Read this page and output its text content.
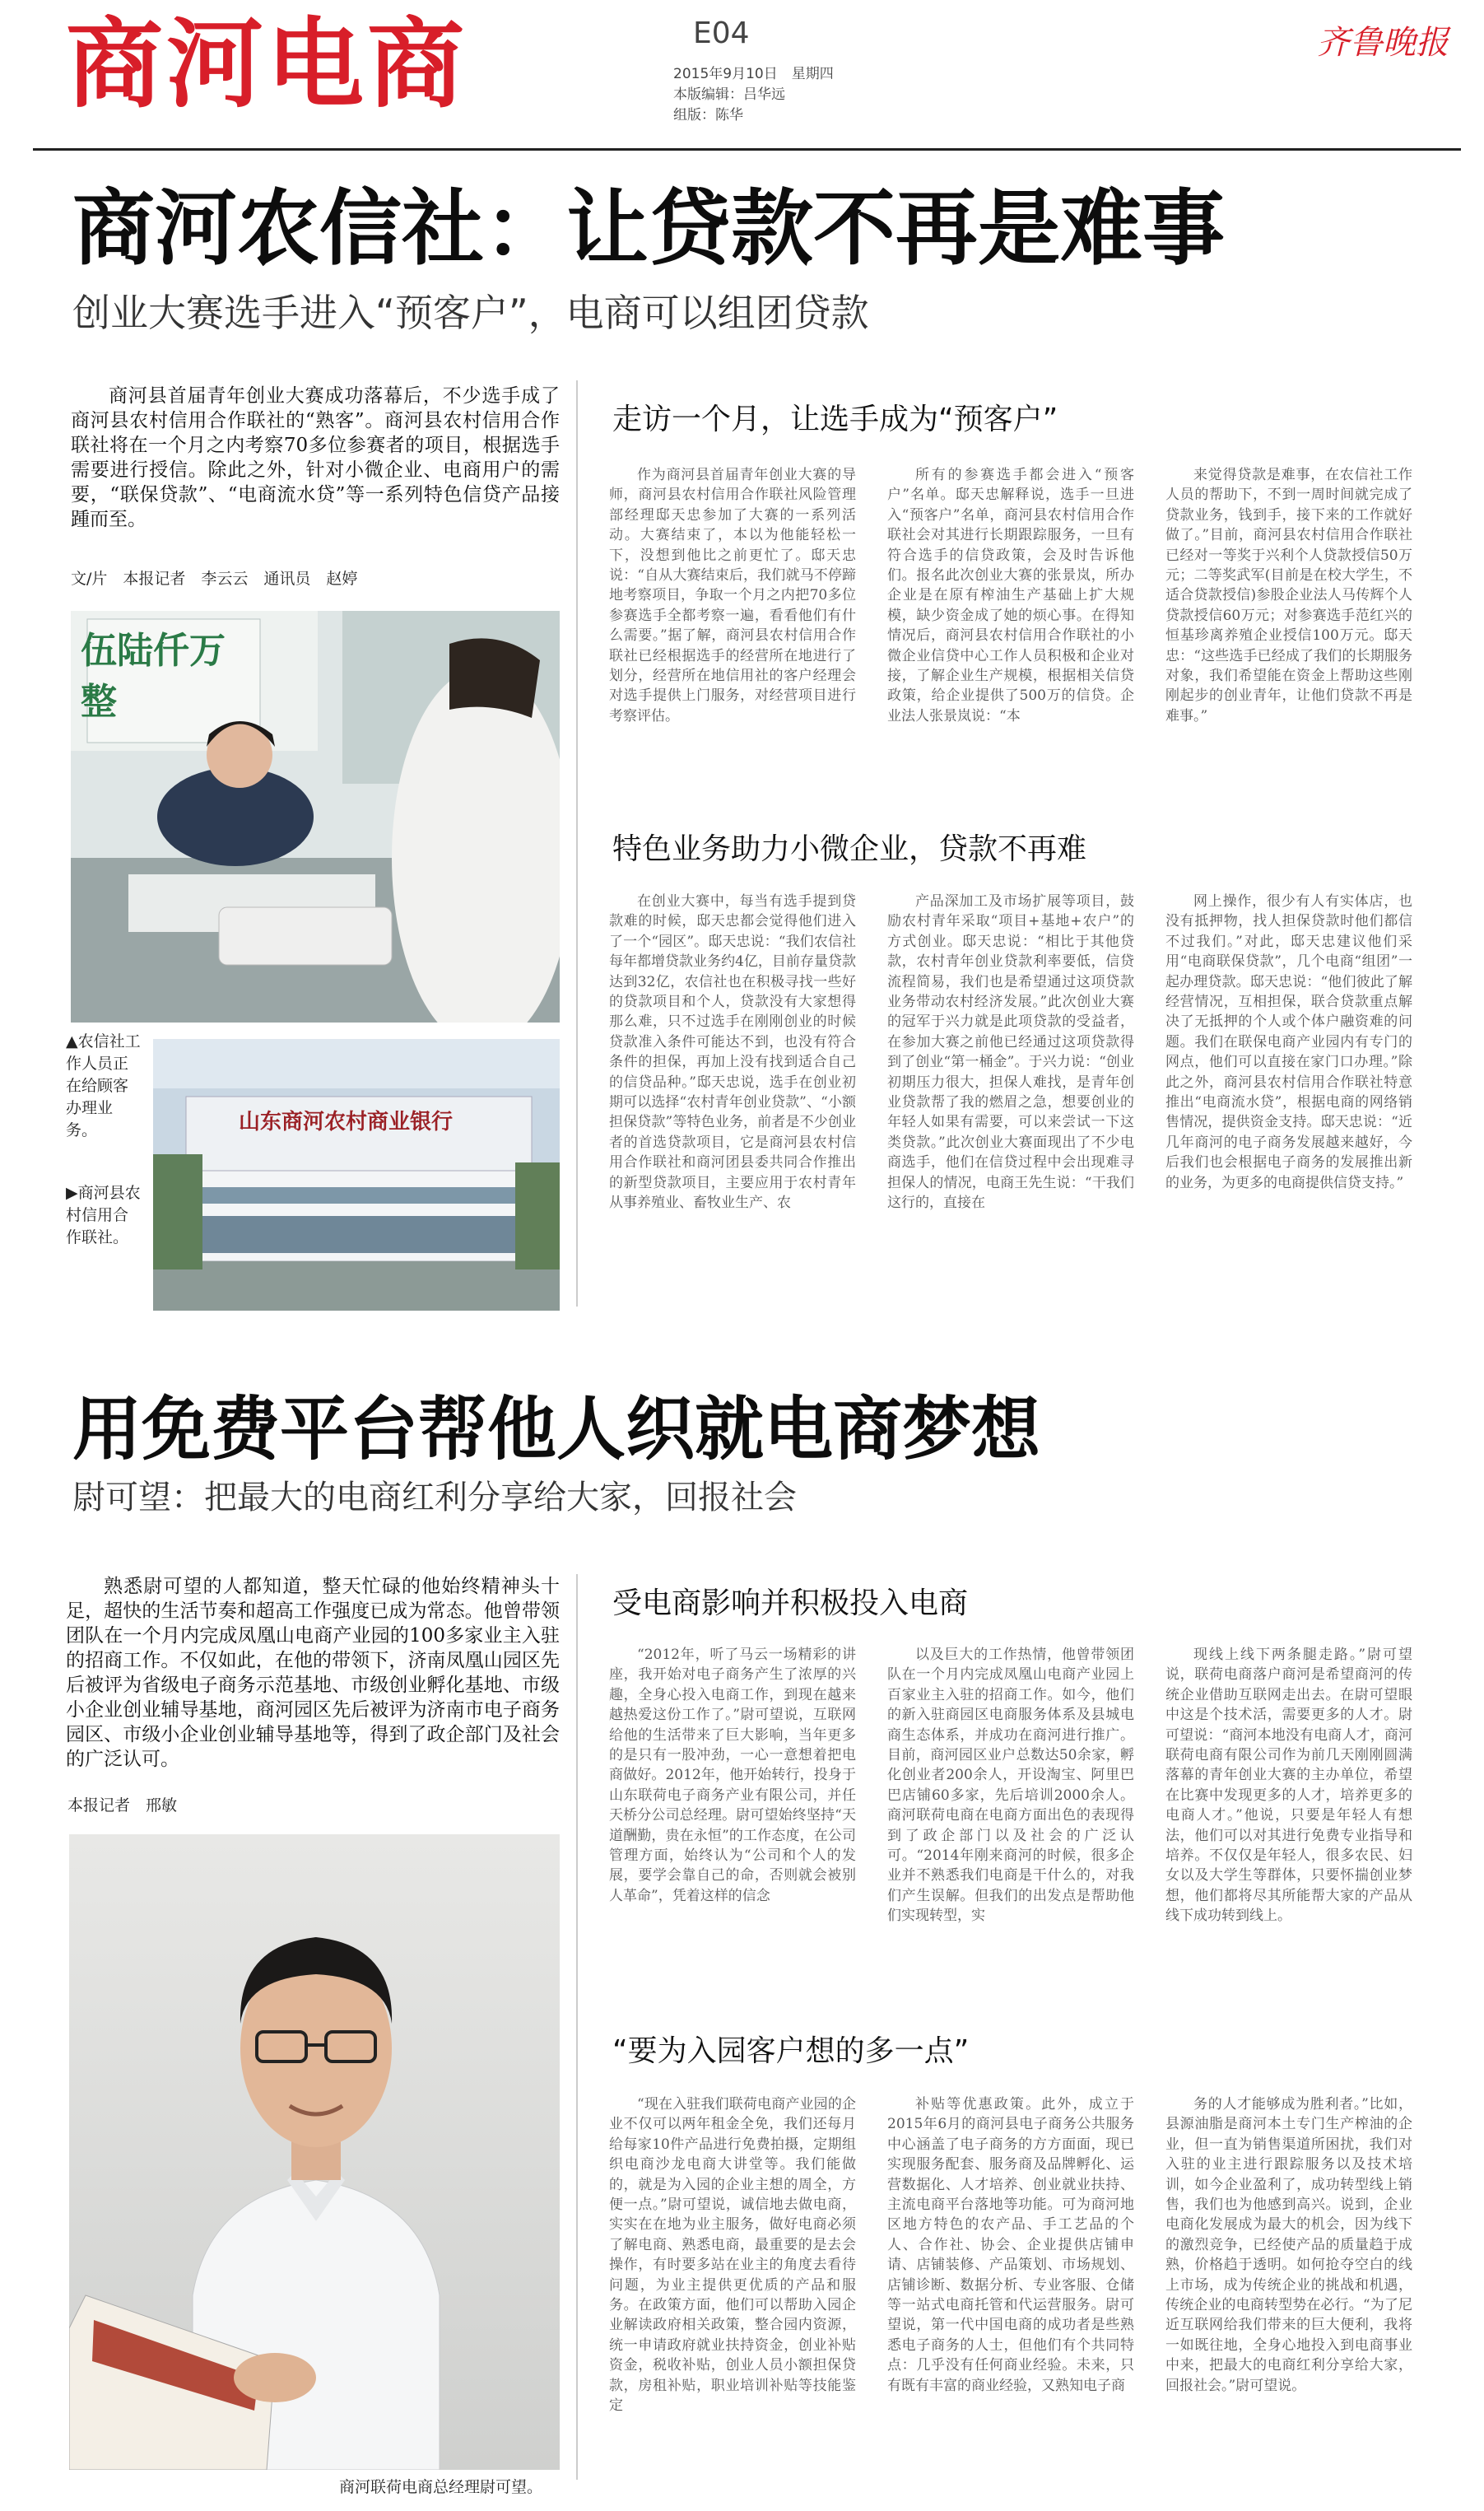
商河电商	E04
2015年9月10日　星期四
本版编辑：吕华远
组版：陈华
齐鲁晚报
商河农信社：让贷款不再是难事
创业大赛选手进入“预客户”，电商可以组团贷款
商河县首届青年创业大赛成功落幕后，不少选手成了商河县农村信用合作联社的“熟客”。商河县农村信用合作联社将在一个月之内考察70多位参赛者的项目，根据选手需要进行授信。除此之外，针对小微企业、电商用户的需要，“联保贷款”、“电商流水贷”等一系列特色信贷产品接踵而至。
文/片　本报记者　李云云　通讯员　赵婷
伍陆仟万整
▲农信社工作人员正在给顾客办理业务。
▶商河县农村信用合作联社。
山东商河农村商业银行
走访一个月，让选手成为“预客户”
作为商河县首届青年创业大赛的导师，商河县农村信用合作联社风险管理部经理邸天忠参加了大赛的一系列活动。大赛结束了，本以为他能轻松一下，没想到他比之前更忙了。邸天忠说：“自从大赛结束后，我们就马不停蹄地考察项目，争取一个月之内把70多位参赛选手全都考察一遍，看看他们有什么需要。”据了解，商河县农村信用合作联社已经根据选手的经营所在地进行了划分，经营所在地信用社的客户经理会对选手提供上门服务，对经营项目进行考察评估。
所有的参赛选手都会进入“预客户”名单。邸天忠解释说，选手一旦进入“预客户”名单，商河县农村信用合作联社会对其进行长期跟踪服务，一旦有符合选手的信贷政策，会及时告诉他们。报名此次创业大赛的张景岚，所办企业是在原有榨油生产基础上扩大规模，缺少资金成了她的烦心事。在得知情况后，商河县农村信用合作联社的小微企业信贷中心工作人员积极和企业对接，了解企业生产规模，根据相关信贷政策，给企业提供了500万的信贷。企业法人张景岚说：“本
来觉得贷款是难事，在农信社工作人员的帮助下，不到一周时间就完成了贷款业务，钱到手，接下来的工作就好做了。”目前，商河县农村信用合作联社已经对一等奖于兴利个人贷款授信50万元；二等奖武军(目前是在校大学生，不适合贷款授信)参股企业法人马传辉个人贷款授信60万元；对参赛选手范红兴的恒基珍离养殖企业授信100万元。邸天忠：“这些选手已经成了我们的长期服务对象，我们希望能在资金上帮助这些刚刚起步的创业青年，让他们贷款不再是难事。”
特色业务助力小微企业，贷款不再难
在创业大赛中，每当有选手提到贷款难的时候，邸天忠都会觉得他们进入了一个“园区”。邸天忠说：“我们农信社每年都增贷款业务约4亿，目前存量贷款达到32亿，农信社也在积极寻找一些好的贷款项目和个人，贷款没有大家想得那么难，只不过选手在刚刚创业的时候贷款准入条件可能达不到，也没有符合条件的担保，再加上没有找到适合自己的信贷品种。”邸天忠说，选手在创业初期可以选择“农村青年创业贷款”、“小额担保贷款”等特色业务，前者是不少创业者的首选贷款项目，它是商河县农村信用合作联社和商河团县委共同合作推出的新型贷款项目，主要应用于农村青年从事养殖业、畜牧业生产、农
产品深加工及市场扩展等项目，鼓励农村青年采取“项目+基地+农户”的方式创业。邸天忠说：“相比于其他贷款，农村青年创业贷款利率要低，信贷流程简易，我们也是希望通过这项贷款业务带动农村经济发展。”此次创业大赛的冠军于兴力就是此项贷款的受益者，在参加大赛之前他已经通过这项贷款得到了创业“第一桶金”。于兴力说：“创业初期压力很大，担保人难找，是青年创业贷款帮了我的燃眉之急，想要创业的年轻人如果有需要，可以来尝试一下这类贷款。”此次创业大赛面现出了不少电商选手，他们在信贷过程中会出现难寻担保人的情况，电商王先生说：“干我们这行的，直接在
网上操作，很少有人有实体店，也没有抵押物，找人担保贷款时他们都信不过我们。”对此，邸天忠建议他们采用“电商联保贷款”，几个电商“组团”一起办理贷款。邸天忠说：“他们彼此了解经营情况，互相担保，联合贷款重点解决了无抵押的个人或个体户融资难的问题。我们在联保电商产业园内有专门的网点，他们可以直接在家门口办理。”除此之外，商河县农村信用合作联社特意推出“电商流水贷”，根据电商的网络销售情况，提供资金支持。邸天忠说：“近几年商河的电子商务发展越来越好，今后我们也会根据电子商务的发展推出新的业务，为更多的电商提供信贷支持。”
用免费平台帮他人织就电商梦想
尉可望：把最大的电商红利分享给大家，回报社会
熟悉尉可望的人都知道，整天忙碌的他始终精神头十足，超快的生活节奏和超高工作强度已成为常态。他曾带领团队在一个月内完成凤凰山电商产业园的100多家业主入驻的招商工作。不仅如此，在他的带领下，济南凤凰山园区先后被评为省级电子商务示范基地、市级创业孵化基地、市级小企业创业辅导基地，商河园区先后被评为济南市电子商务园区、市级小企业创业辅导基地等，得到了政企部门及社会的广泛认可。
本报记者　邢敏
商河联荷电商总经理尉可望。
受电商影响并积极投入电商
“2012年，听了马云一场精彩的讲座，我开始对电子商务产生了浓厚的兴趣，全身心投入电商工作，到现在越来越热爱这份工作了。”尉可望说，互联网给他的生活带来了巨大影响，当年更多的是只有一股冲劲，一心一意想着把电商做好。2012年，他开始转行，投身于山东联荷电子商务产业有限公司，并任天桥分公司总经理。尉可望始终坚持“天道酬勤，贵在永恒”的工作态度，在公司管理方面，始终认为“公司和个人的发展，要学会靠自己的命，否则就会被别人革命”，凭着这样的信念
以及巨大的工作热情，他曾带领团队在一个月内完成凤凰山电商产业园上百家业主入驻的招商工作。如今，他们的新入驻商园区电商服务体系及县城电商生态体系，并成功在商河进行推广。目前，商河园区业户总数达50余家，孵化创业者200余人，开设淘宝、阿里巴巴店铺60多家，先后培训2000余人。商河联荷电商在电商方面出色的表现得到了政企部门以及社会的广泛认可。“2014年刚来商河的时候，很多企业并不熟悉我们电商是干什么的，对我们产生误解。但我们的出发点是帮助他们实现转型，实
现线上线下两条腿走路。”尉可望说，联荷电商落户商河是希望商河的传统企业借助互联网走出去。在尉可望眼中这是个技术活，需要更多的人才。尉可望说：“商河本地没有电商人才，商河联荷电商有限公司作为前几天刚刚圆满落幕的青年创业大赛的主办单位，希望在比赛中发现更多的人才，培养更多的电商人才。”他说，只要是年轻人有想法，他们可以对其进行免费专业指导和培养。不仅仅是年轻人，很多农民、妇女以及大学生等群体，只要怀揣创业梦想，他们都将尽其所能帮大家的产品从线下成功转到线上。
“要为入园客户想的多一点”
“现在入驻我们联荷电商产业园的企业不仅可以两年租金全免，我们还每月给每家10件产品进行免费拍摄，定期组织电商沙龙电商大讲堂等。我们能做的，就是为入园的企业主想的周全，方便一点。”尉可望说，诚信地去做电商，实实在在地为业主服务，做好电商必须了解电商、熟悉电商，最重要的是去会操作，有时要多站在业主的角度去看待问题，为业主提供更优质的产品和服务。在政策方面，他们可以帮助入园企业解读政府相关政策，整合园内资源，统一申请政府就业扶持资金，创业补贴资金，税收补贴，创业人员小额担保贷款，房租补贴，职业培训补贴等技能鉴定
补贴等优惠政策。此外，成立于2015年6月的商河县电子商务公共服务中心涵盖了电子商务的方方面面，现已实现服务配套、服务商及品牌孵化、运营数据化、人才培养、创业就业扶持、主流电商平台落地等功能。可为商河地区地方特色的农产品、手工艺品的个人、合作社、协会、企业提供店铺申请、店铺装修、产品策划、市场规划、店铺诊断、数据分析、专业客服、仓储等一站式电商托管和代运营服务。尉可望说，第一代中国电商的成功者是些熟悉电子商务的人士，但他们有个共同特点：几乎没有任何商业经验。未来，只有既有丰富的商业经验，又熟知电子商
务的人才能够成为胜利者。”比如，县源油脂是商河本土专门生产榨油的企业，但一直为销售渠道所困扰，我们对入驻的业主进行跟踪服务以及技术培训，如今企业盈利了，成功转型线上销售，我们也为他感到高兴。说到，企业电商化发展成为最大的机会，因为线下的激烈竞争，已经使产品的质量趋于成熟，价格趋于透明。如何抢夺空白的线上市场，成为传统企业的挑战和机遇，传统企业的电商转型势在必行。“为了尼近互联网给我们带来的巨大便利，我将一如既往地，全身心地投入到电商事业中来，把最大的电商红利分享给大家，回报社会。”尉可望说。
